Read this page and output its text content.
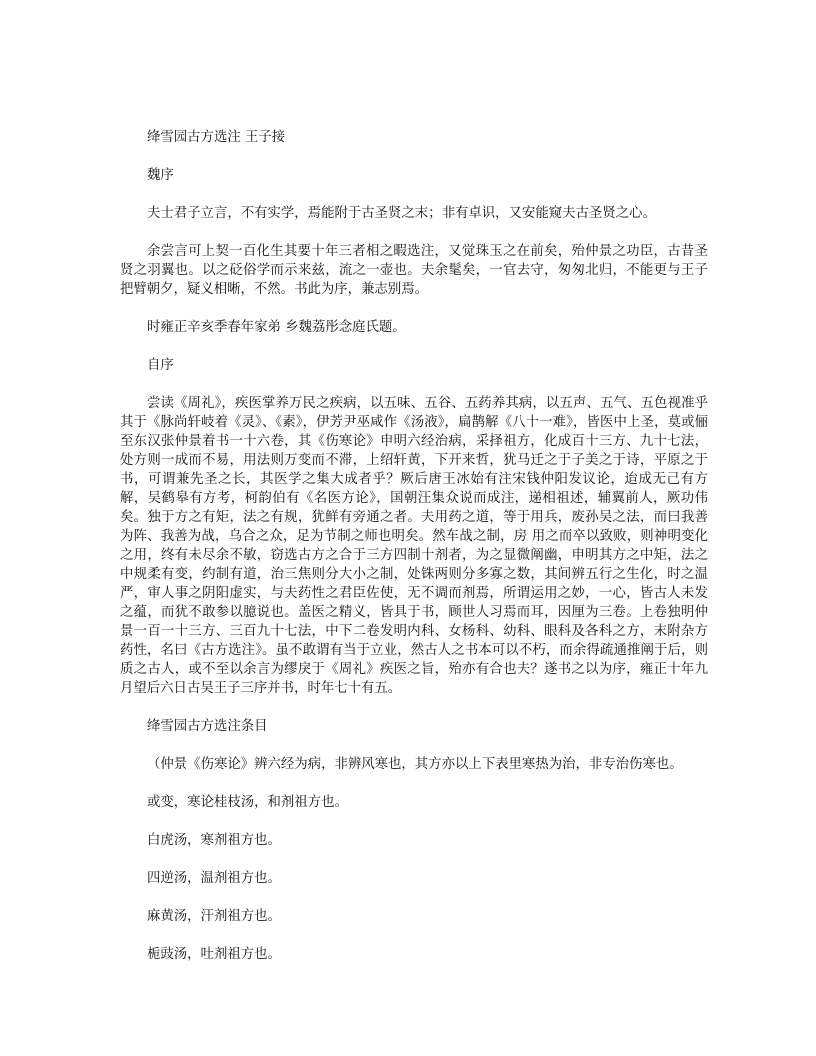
绛雪园古方选注 王子接

魏序

夫士君子立言，不有实学，焉能附于古圣贤之末；非有卓识，又安能窥夫古圣贤之心。

余尝言可上契一百化生其要十年三者相之暇选注，又觉珠玉之在前矣，殆仲景之功臣，古昔圣贤之羽翼也。以之砭俗学而示来兹，流之一壶也。夫余髦矣，一官去守，匆匆北归，不能更与王子把臂朝夕，疑义相晰，不然。书此为序，兼志别焉。

时雍正辛亥季春年家弟 乡魏荔彤念庭氏题。

自序

尝读《周礼》，疾医掌养万民之疾病，以五味、五谷、五药养其病，以五声、五气、五色视准乎其于《脉尚轩岐着《灵》、《素》，伊芳尹巫咸作《汤液》，扁鹊解《八十一难》，皆医中上圣，莫或俪至东汉张仲景着书一十六卷，其《伤寒论》申明六经治病，采择祖方，化成百十三方、九十七法，处方则一成而不易，用法则万变而不滞，上绍轩黄，下开来哲，犹马迁之于子美之于诗，平原之于书，可谓兼先圣之长，其医学之集大成者乎？厥后唐王冰始有注宋钱仲阳发议论，迨成无己有方解，吴鹤皋有方考，柯韵伯有《名医方论》，国朝汪集众说而成注，递相祖述，辅翼前人，厥功伟矣。独于方之有矩，法之有规，犹鲜有旁通之者。夫用药之道，等于用兵，废孙吴之法，而曰我善为阵、我善为战，乌合之众，足为节制之师也明矣。然车战之制，房 用之而卒以致败，则神明变化之用，终有未尽余不敏，窃选古方之合于三方四制十剂者，为之显微阐幽，申明其方之中矩，法之中规柔有变，约制有道，治三焦则分大小之制，处铢两则分多寡之数，其间辨五行之生化，时之温严，审人事之阴阳虚实，与夫药性之君臣佐使，无不调而剂焉，所谓运用之妙，一心，皆古人未发之蕴，而犹不敢参以臆说也。盖医之精义，皆具于书，顾世人习焉而耳，因厘为三卷。上卷独明仲景一百一十三方、三百九十七法，中下二卷发明内科、女杨科、幼科、眼科及各科之方，末附杂方药性，名曰《古方选注》。虽不敢谓有当于立业，然古人之书本可以不朽，而余得疏通推阐于后，则质之古人，或不至以余言为缪戾于《周礼》疾医之旨，殆亦有合也夫？遂书之以为序，雍正十年九月望后六日古吴王子三序并书，时年七十有五。

绛雪园古方选注条目

（仲景《伤寒论》辨六经为病，非辨风寒也，其方亦以上下表里寒热为治，非专治伤寒也。

或变，寒论桂枝汤，和剂祖方也。

白虎汤，寒剂祖方也。

四逆汤，温剂祖方也。

麻黄汤，汗剂祖方也。

栀豉汤，吐剂祖方也。
